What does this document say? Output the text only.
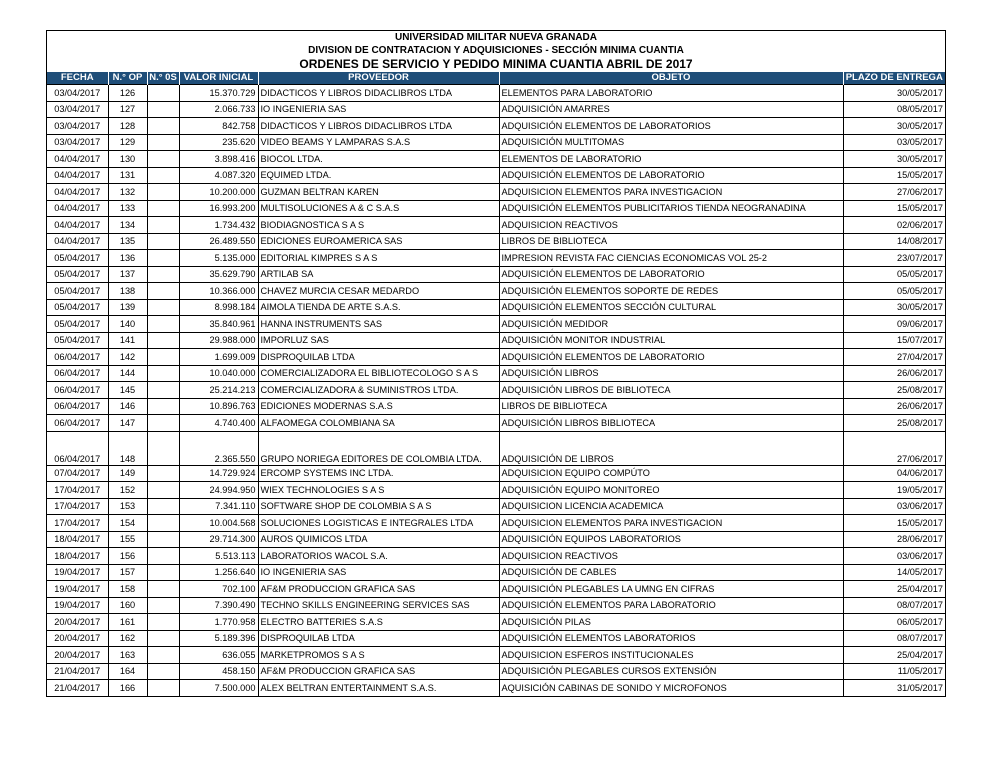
UNIVERSIDAD MILITAR NUEVA GRANADA
DIVISION DE CONTRATACION Y ADQUISICIONES - SECCIÓN MINIMA CUANTIA
ORDENES DE SERVICIO Y PEDIDO MINIMA CUANTIA ABRIL DE 2017
FECHA	N.° OP	N.° 0S	VALOR INICIAL	PROVEEDOR	OBJETO	PLAZO DE ENTREGA
03/04/2017	126		15.370.729	DIDACTICOS Y LIBROS DIDACLIBROS LTDA	ELEMENTOS PARA LABORATORIO	30/05/2017
03/04/2017	127		2.066.733	IO INGENIERIA SAS	ADQUISICIÓN AMARRES	08/05/2017
03/04/2017	128		842.758	DIDACTICOS Y LIBROS DIDACLIBROS LTDA	ADQUISICIÓN ELEMENTOS DE LABORATORIOS	30/05/2017
03/04/2017	129		235.620	VIDEO BEAMS Y LAMPARAS S.A.S	ADQUISICIÓN MULTITOMAS	03/05/2017
04/04/2017	130		3.898.416	BIOCOL LTDA.	ELEMENTOS DE LABORATORIO	30/05/2017
04/04/2017	131		4.087.320	EQUIMED LTDA.	ADQUISICIÓN ELEMENTOS DE LABORATORIO	15/05/2017
04/04/2017	132		10.200.000	GUZMAN BELTRAN KAREN	ADQUISICION ELEMENTOS PARA INVESTIGACION	27/06/2017
04/04/2017	133		16.993.200	MULTISOLUCIONES A & C S.A.S	ADQUISICIÓN ELEMENTOS PUBLICITARIOS TIENDA NEOGRANADINA	15/05/2017
04/04/2017	134		1.734.432	BIODIAGNOSTICA S A S	ADQUISICION REACTIVOS	02/06/2017
04/04/2017	135		26.489.550	EDICIONES EUROAMERICA SAS	LIBROS DE BIBLIOTECA	14/08/2017
05/04/2017	136		5.135.000	EDITORIAL KIMPRES S A S	IMPRESION REVISTA FAC CIENCIAS ECONOMICAS VOL 25-2	23/07/2017
05/04/2017	137		35.629.790	ARTILAB SA	ADQUISICIÓN ELEMENTOS DE LABORATORIO	05/05/2017
05/04/2017	138		10.366.000	CHAVEZ MURCIA CESAR MEDARDO	ADQUISICIÓN ELEMENTOS SOPORTE DE REDES	05/05/2017
05/04/2017	139		8.998.184	AIMOLA TIENDA DE ARTE S.A.S.	ADQUISICIÓN ELEMENTOS SECCIÓN CULTURAL	30/05/2017
05/04/2017	140		35.840.961	HANNA INSTRUMENTS SAS	ADQUISICIÓN MEDIDOR	09/06/2017
05/04/2017	141		29.988.000	IMPORLUZ SAS	ADQUISICIÓN MONITOR INDUSTRIAL	15/07/2017
06/04/2017	142		1.699.009	DISPROQUILAB LTDA	ADQUISICIÓN ELEMENTOS DE LABORATORIO	27/04/2017
06/04/2017	144		10.040.000	COMERCIALIZADORA EL BIBLIOTECOLOGO S A S	ADQUISICIÓN LIBROS	26/06/2017
06/04/2017	145		25.214.213	COMERCIALIZADORA & SUMINISTROS LTDA.	ADQUISICIÓN LIBROS DE BIBLIOTECA	25/08/2017
06/04/2017	146		10.896.763	EDICIONES MODERNAS S.A.S	LIBROS DE BIBLIOTECA	26/06/2017
06/04/2017	147		4.740.400	ALFAOMEGA COLOMBIANA SA	ADQUISICIÓN LIBROS BIBLIOTECA	25/08/2017
06/04/2017	148		2.365.550	GRUPO NORIEGA EDITORES DE COLOMBIA LTDA.	ADQUISICIÓN DE LIBROS	27/06/2017
07/04/2017	149		14.729.924	ERCOMP SYSTEMS INC LTDA.	ADQUISICION EQUIPO COMPÚTO	04/06/2017
17/04/2017	152		24.994.950	WIEX TECHNOLOGIES S A S	ADQUISICIÓN EQUIPO MONITOREO	19/05/2017
17/04/2017	153		7.341.110	SOFTWARE SHOP DE COLOMBIA S A S	ADQUISICION LICENCIA ACADEMICA	03/06/2017
17/04/2017	154		10.004.568	SOLUCIONES LOGISTICAS E INTEGRALES LTDA	ADQUISICION ELEMENTOS PARA INVESTIGACION	15/05/2017
18/04/2017	155		29.714.300	AUROS QUIMICOS LTDA	ADQUISICIÓN EQUIPOS LABORATORIOS	28/06/2017
18/04/2017	156		5.513.113	LABORATORIOS WACOL S.A.	ADQUISICION REACTIVOS	03/06/2017
19/04/2017	157		1.256.640	IO INGENIERIA SAS	ADQUISICIÓN DE CABLES	14/05/2017
19/04/2017	158		702.100	AF&M PRODUCCION GRAFICA SAS	ADQUISICIÓN PLEGABLES LA UMNG EN CIFRAS	25/04/2017
19/04/2017	160		7.390.490	TECHNO SKILLS ENGINEERING SERVICES SAS	ADQUISICIÓN ELEMENTOS PARA LABORATORIO	08/07/2017
20/04/2017	161		1.770.958	ELECTRO BATTERIES S.A.S	ADQUISICIÓN PILAS	06/05/2017
20/04/2017	162		5.189.396	DISPROQUILAB LTDA	ADQUISICIÓN ELEMENTOS LABORATORIOS	08/07/2017
20/04/2017	163		636.055	MARKETPROMOS S A S	ADQUISICION ESFEROS INSTITUCIONALES	25/04/2017
21/04/2017	164		458.150	AF&M PRODUCCION GRAFICA SAS	ADQUISICIÓN PLEGABLES CURSOS EXTENSIÓN	11/05/2017
21/04/2017	166		7.500.000	ALEX BELTRAN ENTERTAINMENT S.A.S.	AQUISICIÓN CABINAS DE SONIDO Y MICROFONOS	31/05/2017
